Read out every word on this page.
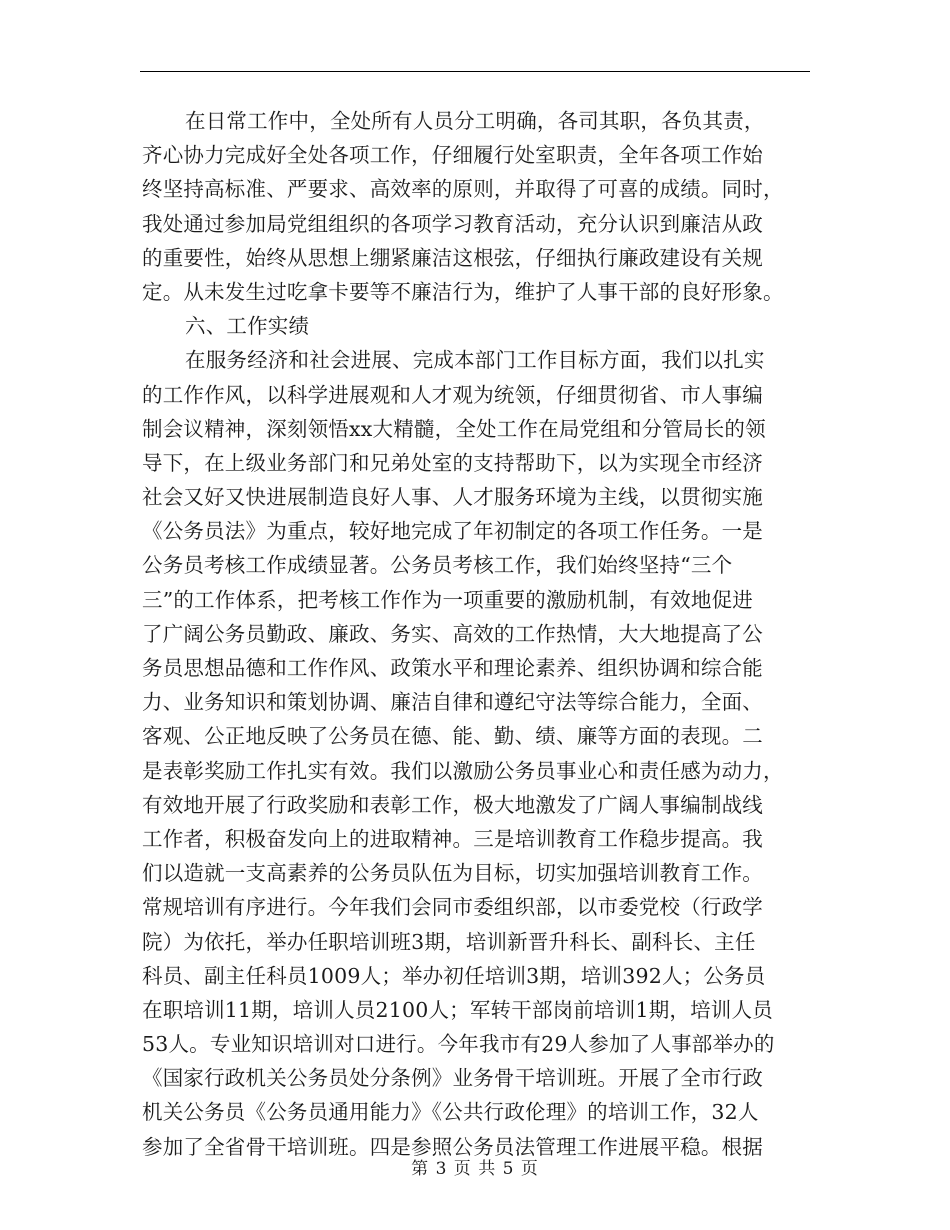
在日常工作中，全处所有人员分工明确，各司其职，各负其责，
齐心协力完成好全处各项工作，仔细履行处室职责，全年各项工作始
终坚持高标准、严要求、高效率的原则，并取得了可喜的成绩。同时，
我处通过参加局党组组织的各项学习教育活动，充分认识到廉洁从政
的重要性，始终从思想上绷紧廉洁这根弦，仔细执行廉政建设有关规
定。从未发生过吃拿卡要等不廉洁行为，维护了人事干部的良好形象。
六、工作实绩
在服务经济和社会进展、完成本部门工作目标方面，我们以扎实
的工作作风，以科学进展观和人才观为统领，仔细贯彻省、市人事编
制会议精神，深刻领悟xx大精髓，全处工作在局党组和分管局长的领
导下，在上级业务部门和兄弟处室的支持帮助下，以为实现全市经济
社会又好又快进展制造良好人事、人才服务环境为主线，以贯彻实施
《公务员法》为重点，较好地完成了年初制定的各项工作任务。一是
公务员考核工作成绩显著。公务员考核工作，我们始终坚持“三个
三”的工作体系，把考核工作作为一项重要的激励机制，有效地促进
了广阔公务员勤政、廉政、务实、高效的工作热情，大大地提高了公
务员思想品德和工作作风、政策水平和理论素养、组织协调和综合能
力、业务知识和策划协调、廉洁自律和遵纪守法等综合能力，全面、
客观、公正地反映了公务员在德、能、勤、绩、廉等方面的表现。二
是表彰奖励工作扎实有效。我们以激励公务员事业心和责任感为动力，
有效地开展了行政奖励和表彰工作，极大地激发了广阔人事编制战线
工作者，积极奋发向上的进取精神。三是培训教育工作稳步提高。我
们以造就一支高素养的公务员队伍为目标，切实加强培训教育工作。
常规培训有序进行。今年我们会同市委组织部，以市委党校（行政学
院）为依托，举办任职培训班3期，培训新晋升科长、副科长、主任
科员、副主任科员1009人；举办初任培训3期，培训392人；公务员
在职培训11期，培训人员2100人；军转干部岗前培训1期，培训人员
53人。专业知识培训对口进行。今年我市有29人参加了人事部举办的
《国家行政机关公务员处分条例》业务骨干培训班。开展了全市行政
机关公务员《公务员通用能力》《公共行政伦理》的培训工作，32人
参加了全省骨干培训班。四是参照公务员法管理工作进展平稳。根据
第 3 页 共 5 页
